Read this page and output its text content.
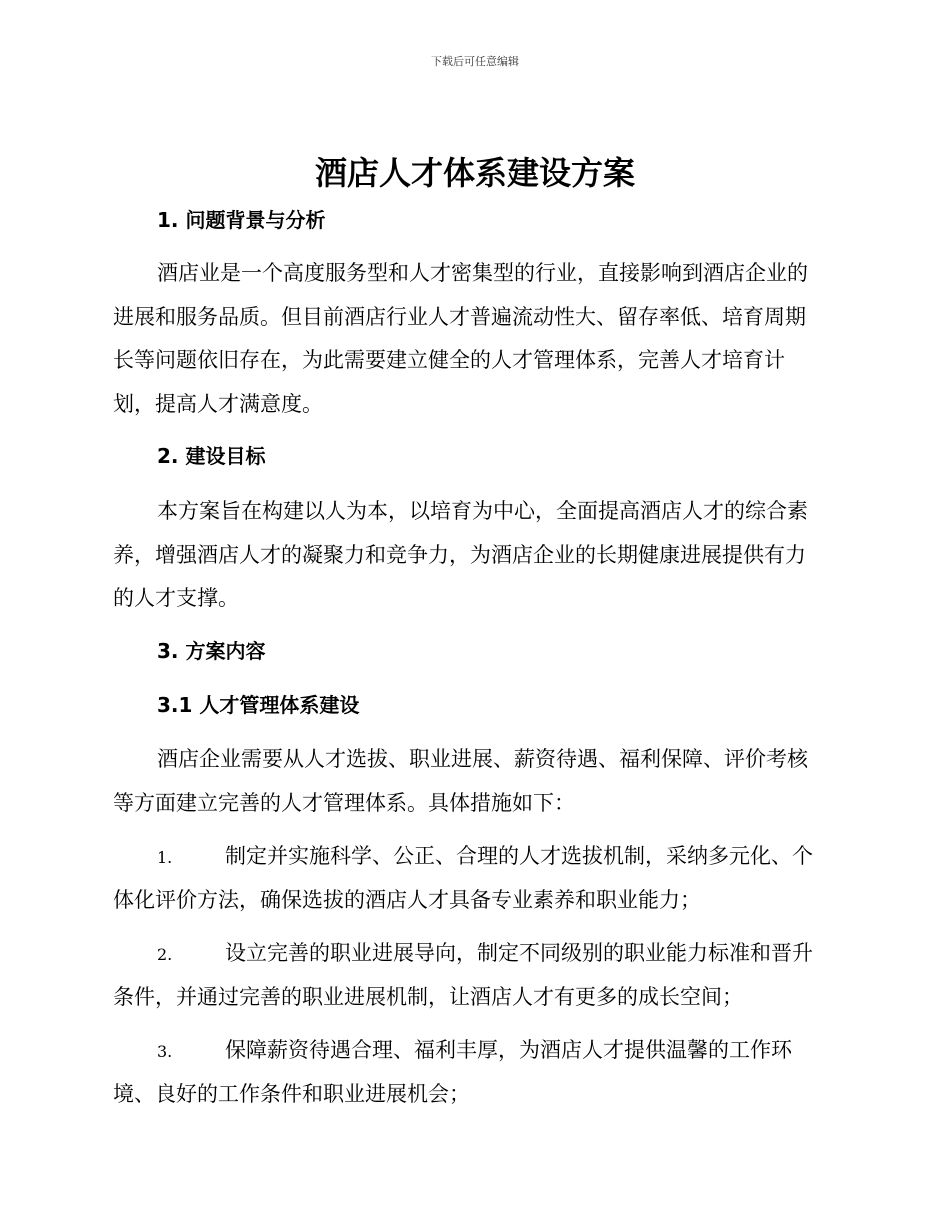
下载后可任意编辑
酒店人才体系建设方案
1. 问题背景与分析
酒店业是一个高度服务型和人才密集型的行业，直接影响到酒店企业的
进展和服务品质。但目前酒店行业人才普遍流动性大、留存率低、培育周期
长等问题依旧存在，为此需要建立健全的人才管理体系，完善人才培育计
划，提高人才满意度。
2. 建设目标
本方案旨在构建以人为本，以培育为中心，全面提高酒店人才的综合素
养，增强酒店人才的凝聚力和竞争力，为酒店企业的长期健康进展提供有力
的人才支撑。
3. 方案内容
3.1 人才管理体系建设
酒店企业需要从人才选拔、职业进展、薪资待遇、福利保障、评价考核
等方面建立完善的人才管理体系。具体措施如下：
1.	制定并实施科学、公正、合理的人才选拔机制，采纳多元化、个
体化评价方法，确保选拔的酒店人才具备专业素养和职业能力；
2.	设立完善的职业进展导向，制定不同级别的职业能力标准和晋升
条件，并通过完善的职业进展机制，让酒店人才有更多的成长空间；
3.	保障薪资待遇合理、福利丰厚，为酒店人才提供温馨的工作环
境、良好的工作条件和职业进展机会；
